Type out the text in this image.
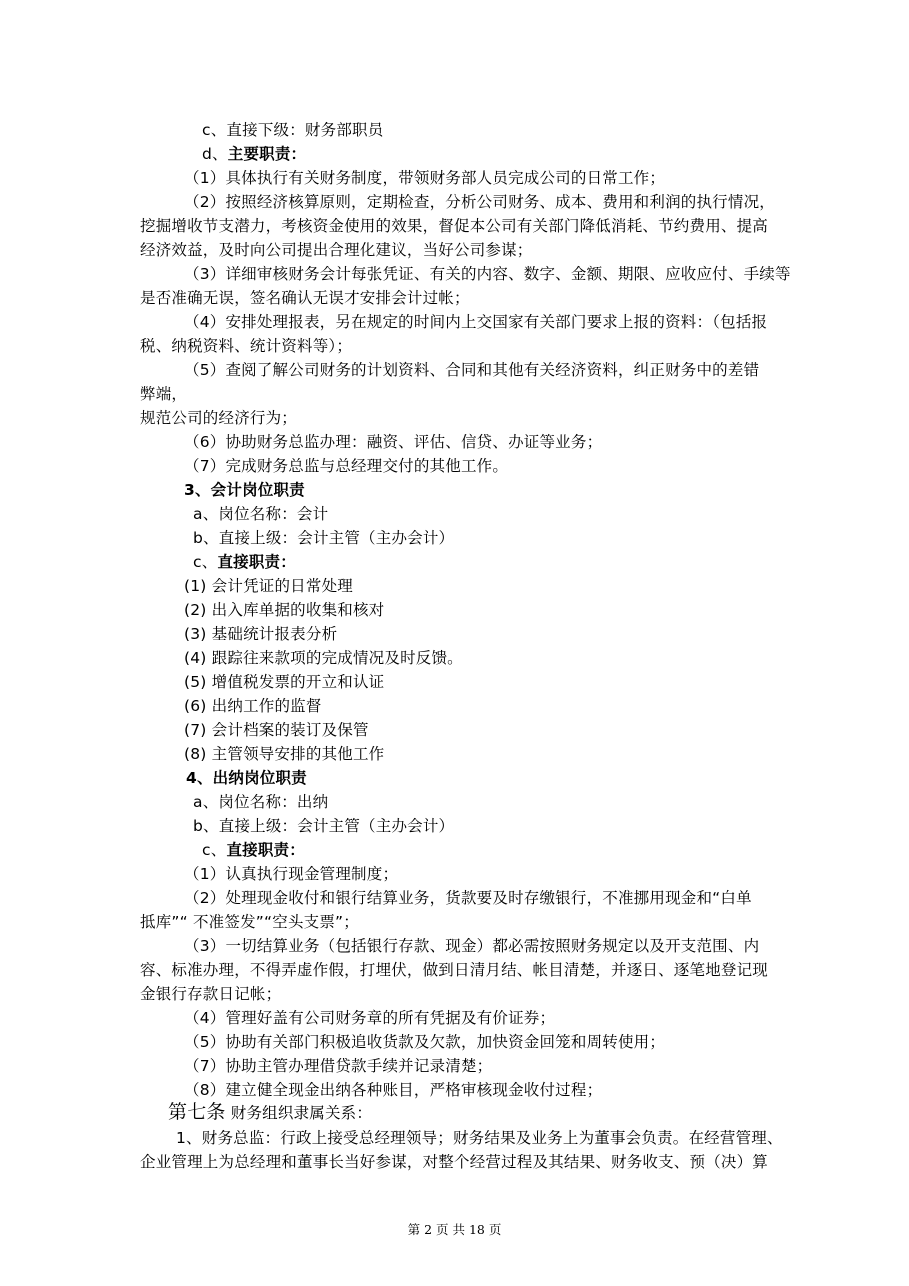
c、直接下级：财务部职员
d、主要职责：
（1）具体执行有关财务制度，带领财务部人员完成公司的日常工作；
（2）按照经济核算原则，定期检查，分析公司财务、成本、费用和利润的执行情况，
挖掘增收节支潜力，考核资金使用的效果，督促本公司有关部门降低消耗、节约费用、提高
经济效益，及时向公司提出合理化建议，当好公司参谋；
（3）详细审核财务会计每张凭证、有关的内容、数字、金额、期限、应收应付、手续等
是否准确无误，签名确认无误才安排会计过帐；
（4）安排处理报表，另在规定的时间内上交国家有关部门要求上报的资料：（包括报
税、纳税资料、统计资料等）；
（5）查阅了解公司财务的计划资料、合同和其他有关经济资料，纠正财务中的差错
弊端，
规范公司的经济行为；
（6）协助财务总监办理：融资、评估、信贷、办证等业务；
（7）完成财务总监与总经理交付的其他工作。
3、会计岗位职责
a、岗位名称：会计
b、直接上级：会计主管（主办会计）
c、直接职责：
(1) 会计凭证的日常处理
(2) 出入库单据的收集和核对
(3) 基础统计报表分析
(4) 跟踪往来款项的完成情况及时反馈。
(5) 增值税发票的开立和认证
(6) 出纳工作的监督
(7) 会计档案的装订及保管
(8) 主管领导安排的其他工作
4、出纳岗位职责
a、岗位名称：出纳
b、直接上级：会计主管（主办会计）
c、直接职责：
（1）认真执行现金管理制度；
（2）处理现金收付和银行结算业务，货款要及时存缴银行，不准挪用现金和“白单
抵库”“ 不准签发”“空头支票”；
（3）一切结算业务（包括银行存款、现金）都必需按照财务规定以及开支范围、内
容、标准办理，不得弄虚作假，打埋伏，做到日清月结、帐目清楚，并逐日、逐笔地登记现
金银行存款日记帐；
（4）管理好盖有公司财务章的所有凭据及有价证券；
（5）协助有关部门积极追收货款及欠款，加快资金回笼和周转使用；
（7）协助主管办理借贷款手续并记录清楚；
（8）建立健全现金出纳各种账目，严格审核现金收付过程；
第七条 财务组织隶属关系：
1、财务总监：行政上接受总经理领导；财务结果及业务上为董事会负责。在经营管理、
企业管理上为总经理和董事长当好参谋，对整个经营过程及其结果、财务收支、预（决）算
第 2 页 共 18 页
